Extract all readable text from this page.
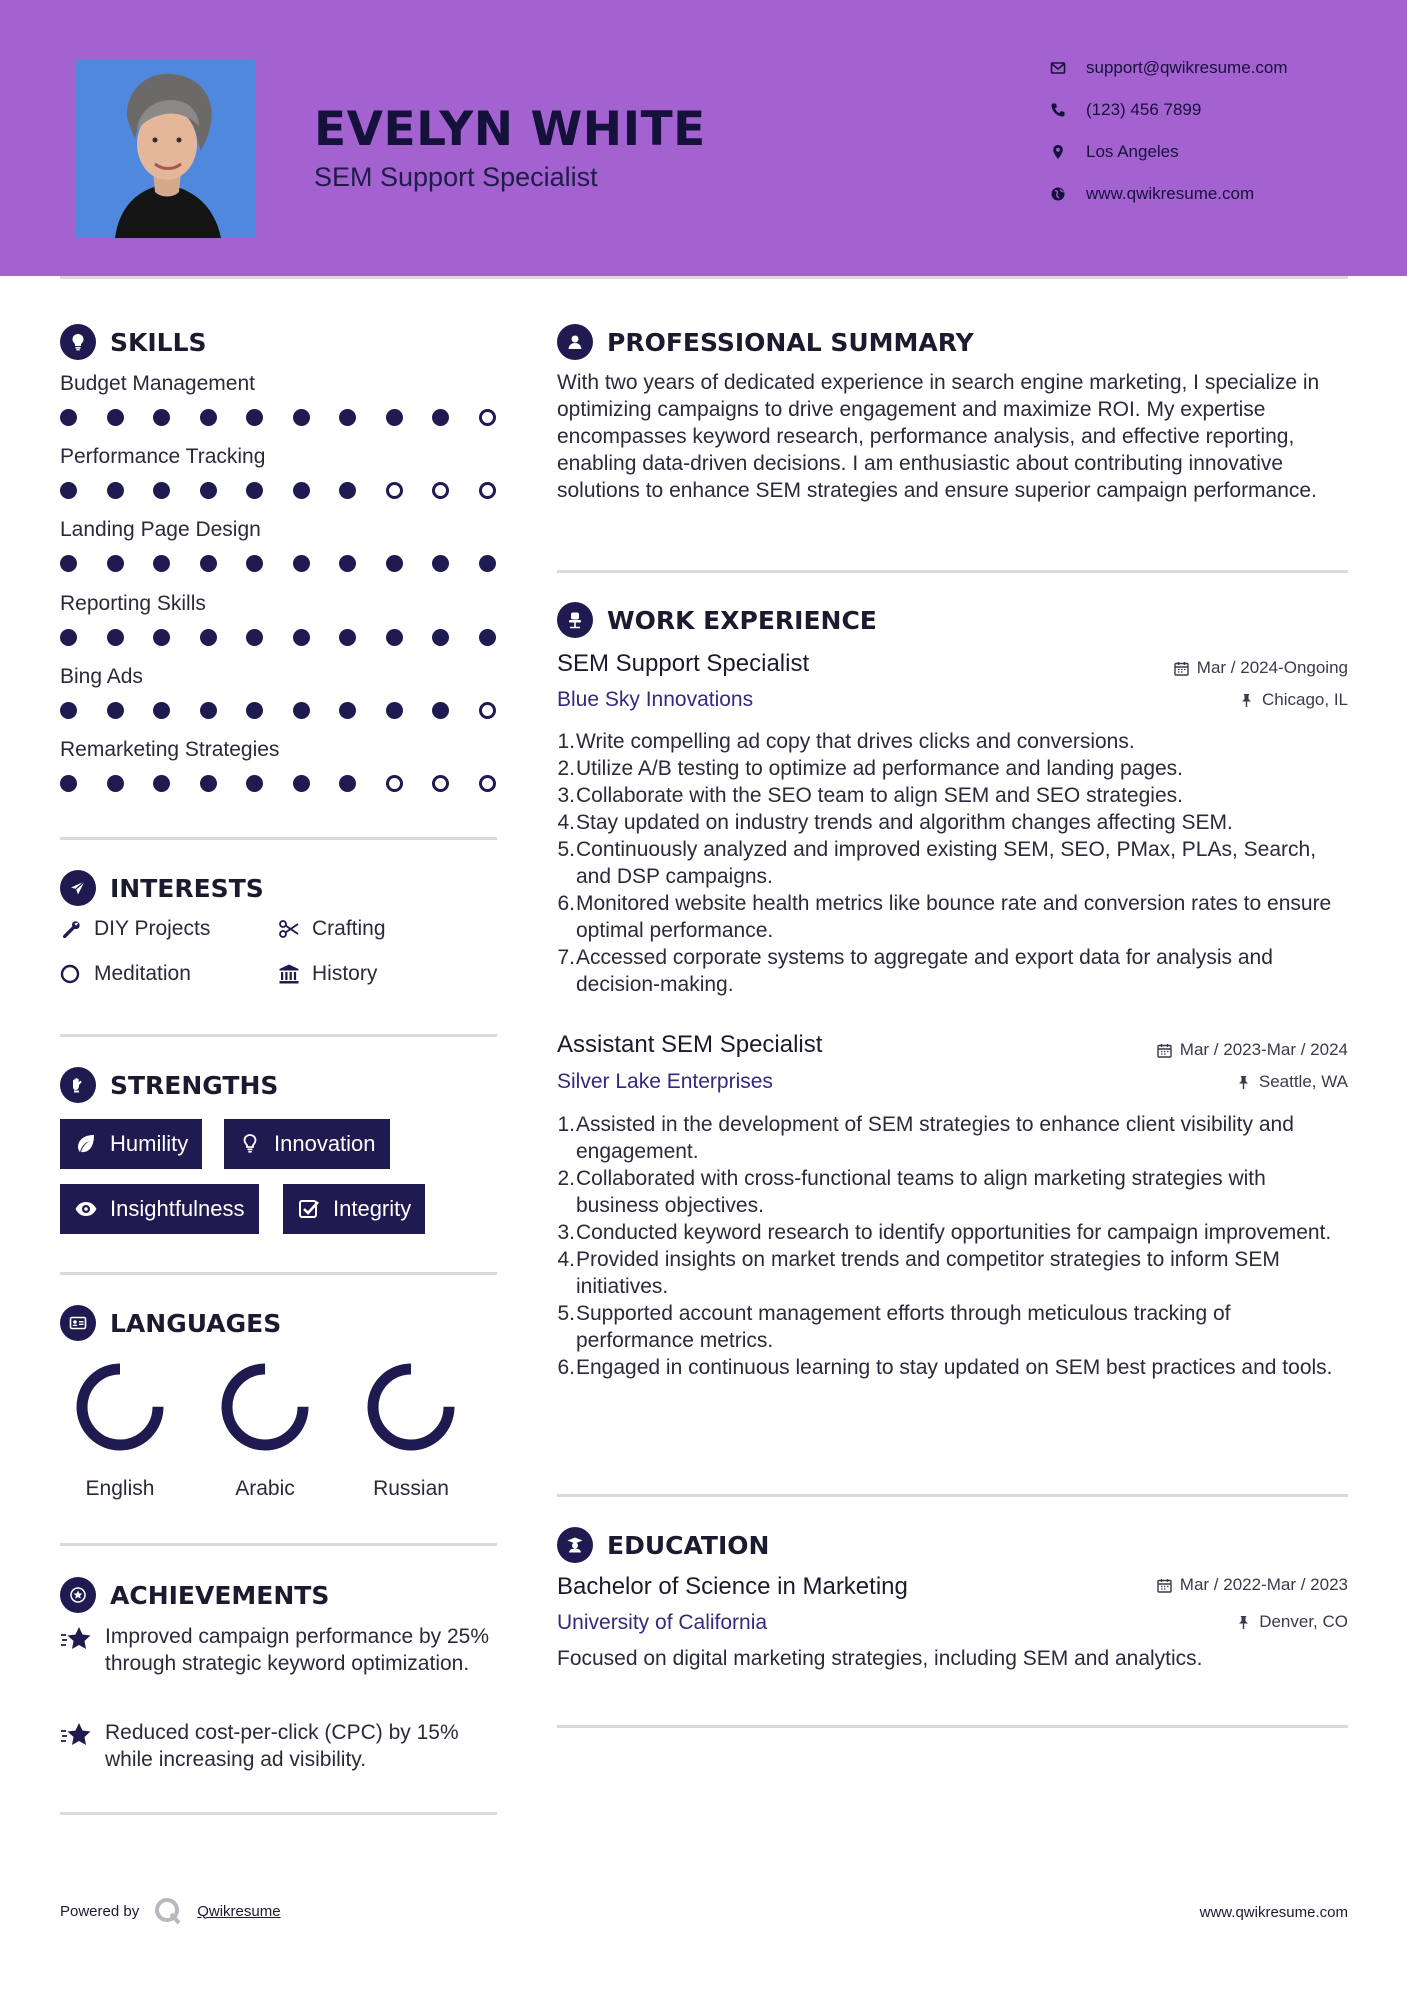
EVELYN WHITE
SEM Support Specialist
support@qwikresume.com
(123) 456 7899
Los Angeles
www.qwikresume.com
SKILLS
Budget Management
Performance Tracking
Landing Page Design
Reporting Skills
Bing Ads
Remarketing Strategies
INTERESTS
DIY Projects	Crafting
Meditation	History
STRENGTHS
Humility	Innovation
Insightfulness	Integrity
LANGUAGES
English	Arabic	Russian
ACHIEVEMENTS
Improved campaign performance by 25% through strategic keyword optimization.
Reduced cost-per-click (CPC) by 15% while increasing ad visibility.
PROFESSIONAL SUMMARY
With two years of dedicated experience in search engine marketing, I specialize in optimizing campaigns to drive engagement and maximize ROI. My expertise encompasses keyword research, performance analysis, and effective reporting, enabling data-driven decisions. I am enthusiastic about contributing innovative solutions to enhance SEM strategies and ensure superior campaign performance.
WORK EXPERIENCE
SEM Support Specialist	Mar / 2024-Ongoing
Blue Sky Innovations	Chicago, IL
1. Write compelling ad copy that drives clicks and conversions.
2. Utilize A/B testing to optimize ad performance and landing pages.
3. Collaborate with the SEO team to align SEM and SEO strategies.
4. Stay updated on industry trends and algorithm changes affecting SEM.
5. Continuously analyzed and improved existing SEM, SEO, PMax, PLAs, Search, and DSP campaigns.
6. Monitored website health metrics like bounce rate and conversion rates to ensure optimal performance.
7. Accessed corporate systems to aggregate and export data for analysis and decision-making.
Assistant SEM Specialist	Mar / 2023-Mar / 2024
Silver Lake Enterprises	Seattle, WA
1. Assisted in the development of SEM strategies to enhance client visibility and engagement.
2. Collaborated with cross-functional teams to align marketing strategies with business objectives.
3. Conducted keyword research to identify opportunities for campaign improvement.
4. Provided insights on market trends and competitor strategies to inform SEM initiatives.
5. Supported account management efforts through meticulous tracking of performance metrics.
6. Engaged in continuous learning to stay updated on SEM best practices and tools.
EDUCATION
Bachelor of Science in Marketing	Mar / 2022-Mar / 2023
University of California	Denver, CO
Focused on digital marketing strategies, including SEM and analytics.
Powered by	Qwikresume	www.qwikresume.com
